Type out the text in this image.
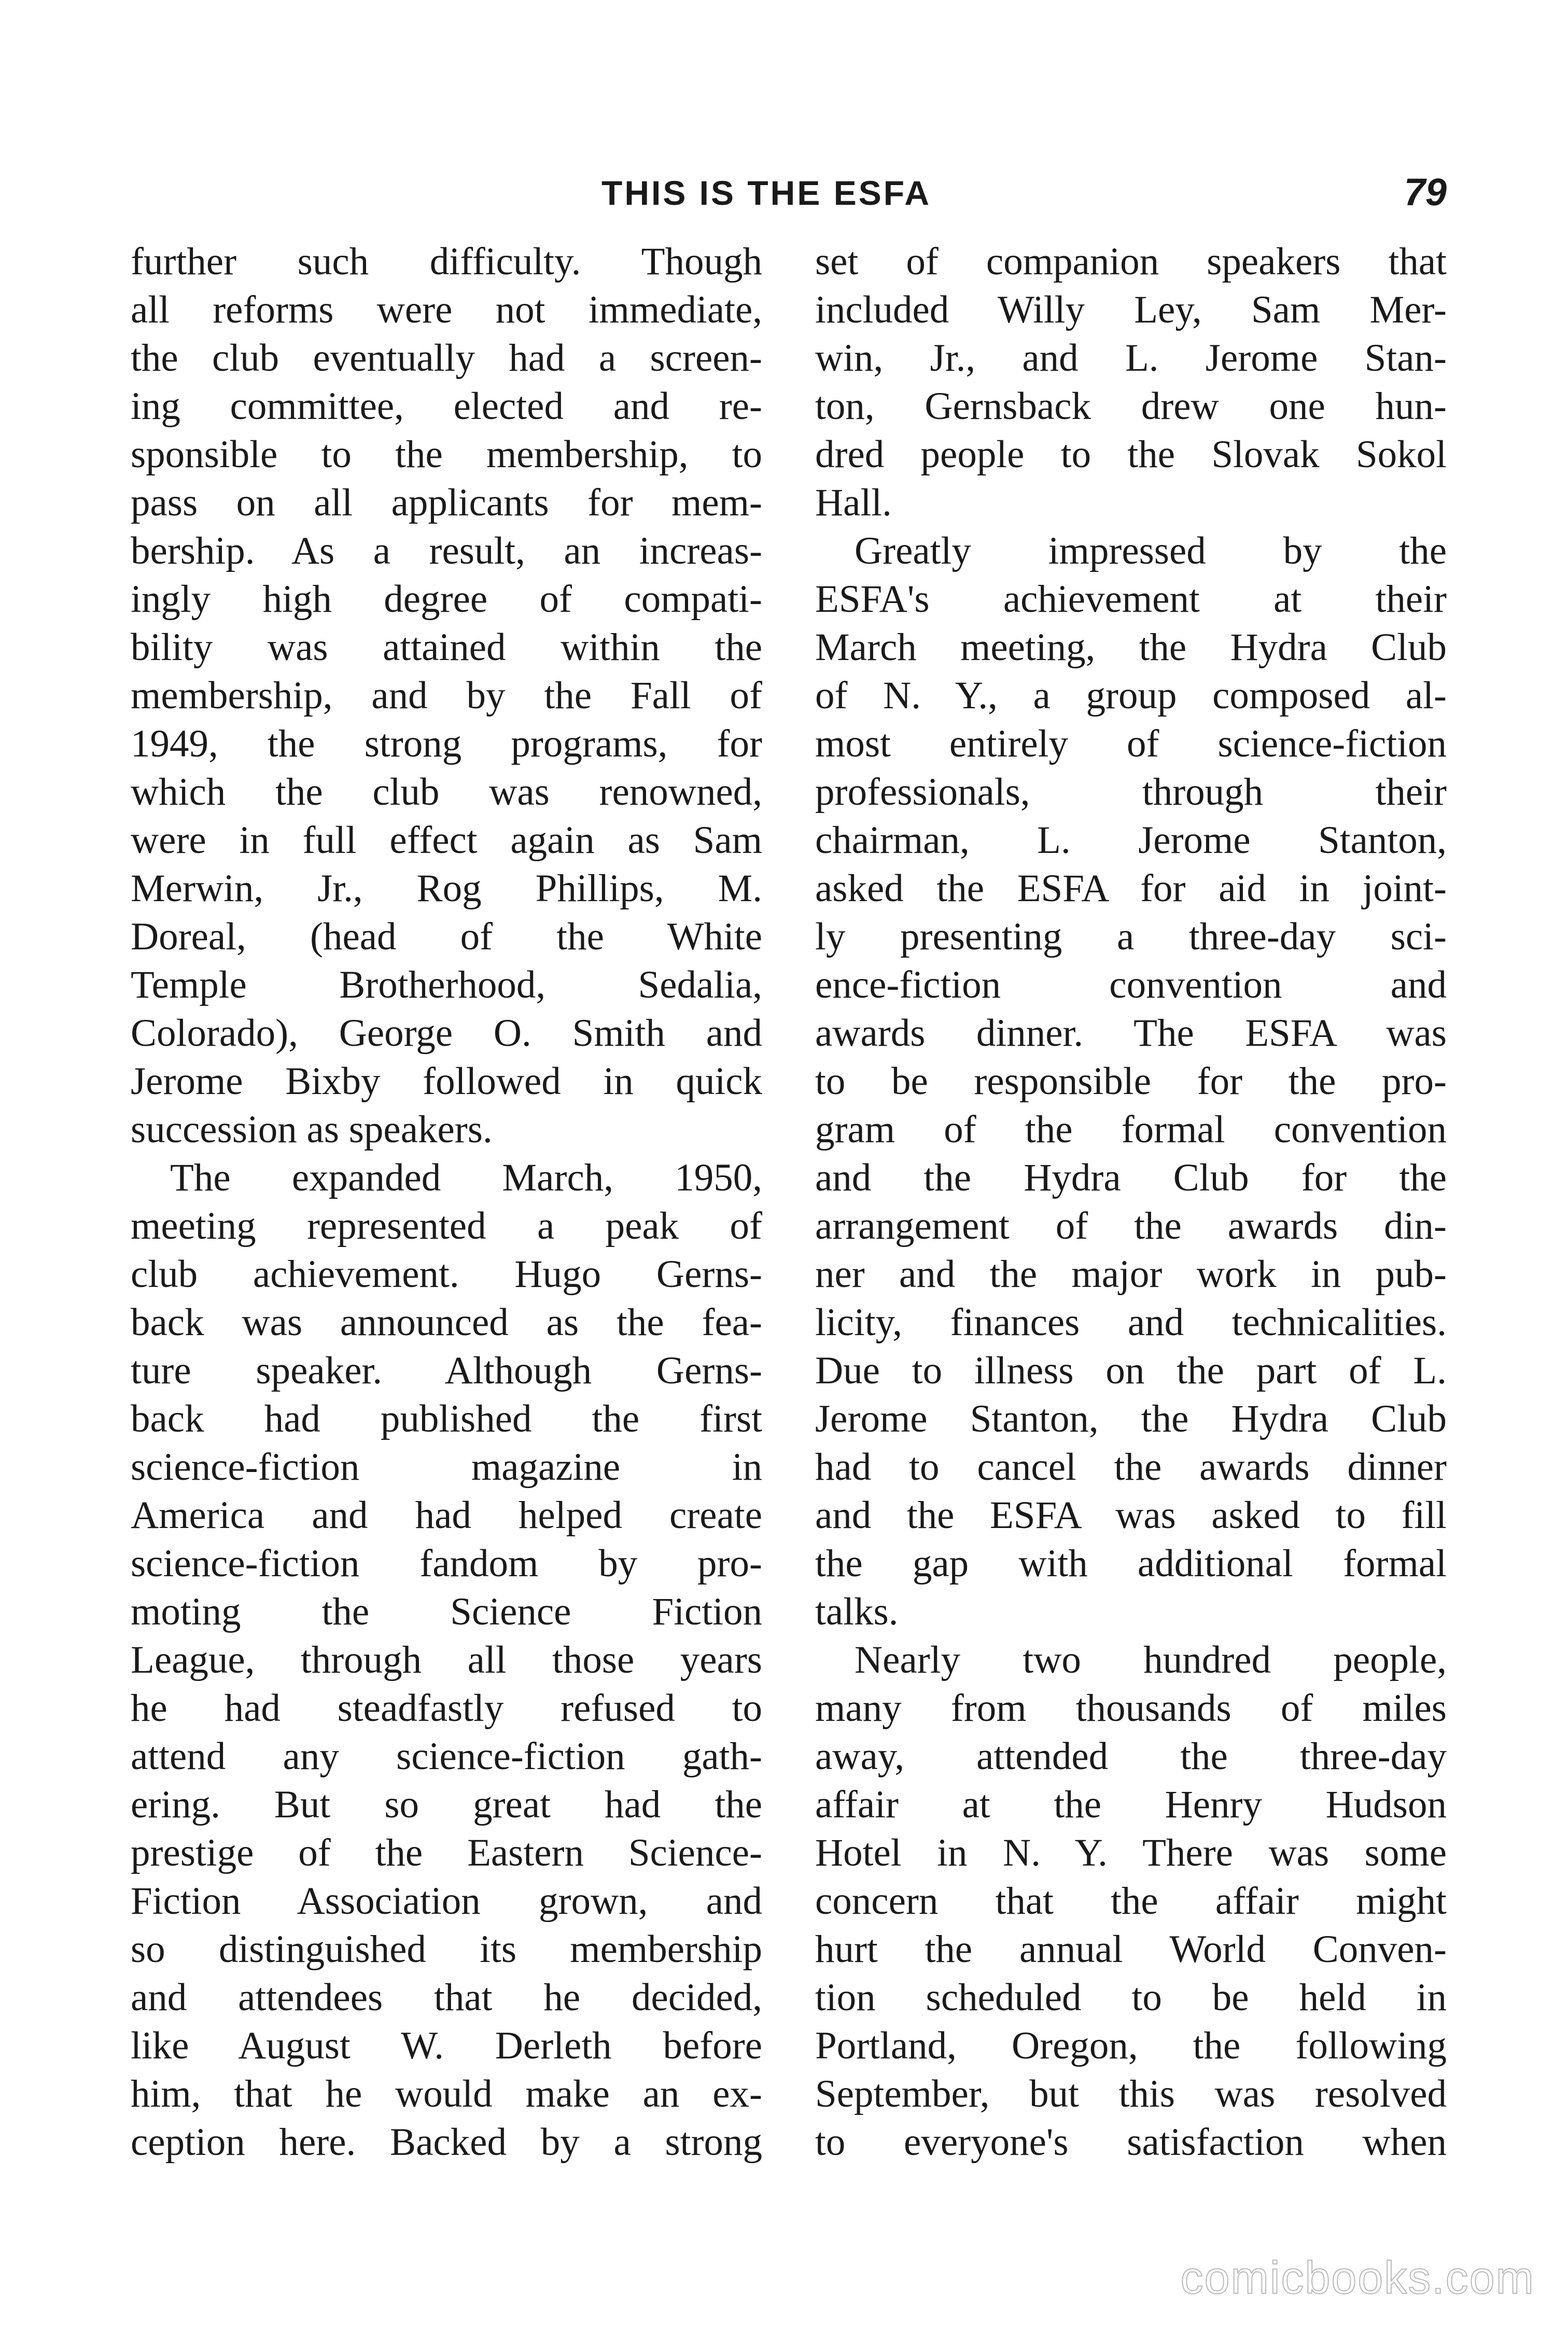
THIS IS THE ESFA	79
further such difficulty. Though
all reforms were not immediate,
the club eventually had a screen-
ing committee, elected and re-
sponsible to the membership, to
pass on all applicants for mem-
bership. As a result, an increas-
ingly high degree of compati-
bility was attained within the
membership, and by the Fall of
1949, the strong programs, for
which the club was renowned,
were in full effect again as Sam
Merwin, Jr., Rog Phillips, M.
Doreal, (head of the White
Temple Brotherhood, Sedalia,
Colorado), George O. Smith and
Jerome Bixby followed in quick
succession as speakers.
The expanded March, 1950,
meeting represented a peak of
club achievement. Hugo Gerns-
back was announced as the fea-
ture speaker. Although Gerns-
back had published the first
science-fiction magazine in
America and had helped create
science-fiction fandom by pro-
moting the Science Fiction
League, through all those years
he had steadfastly refused to
attend any science-fiction gath-
ering. But so great had the
prestige of the Eastern Science-
Fiction Association grown, and
so distinguished its membership
and attendees that he decided,
like August W. Derleth before
him, that he would make an ex-
ception here. Backed by a strong
set of companion speakers that
included Willy Ley, Sam Mer-
win, Jr., and L. Jerome Stan-
ton, Gernsback drew one hun-
dred people to the Slovak Sokol
Hall.
Greatly impressed by the
ESFA's achievement at their
March meeting, the Hydra Club
of N. Y., a group composed al-
most entirely of science-fiction
professionals, through their
chairman, L. Jerome Stanton,
asked the ESFA for aid in joint-
ly presenting a three-day sci-
ence-fiction convention and
awards dinner. The ESFA was
to be responsible for the pro-
gram of the formal convention
and the Hydra Club for the
arrangement of the awards din-
ner and the major work in pub-
licity, finances and technicalities.
Due to illness on the part of L.
Jerome Stanton, the Hydra Club
had to cancel the awards dinner
and the ESFA was asked to fill
the gap with additional formal
talks.
Nearly two hundred people,
many from thousands of miles
away, attended the three-day
affair at the Henry Hudson
Hotel in N. Y. There was some
concern that the affair might
hurt the annual World Conven-
tion scheduled to be held in
Portland, Oregon, the following
September, but this was resolved
to everyone's satisfaction when
comicbooks.com
